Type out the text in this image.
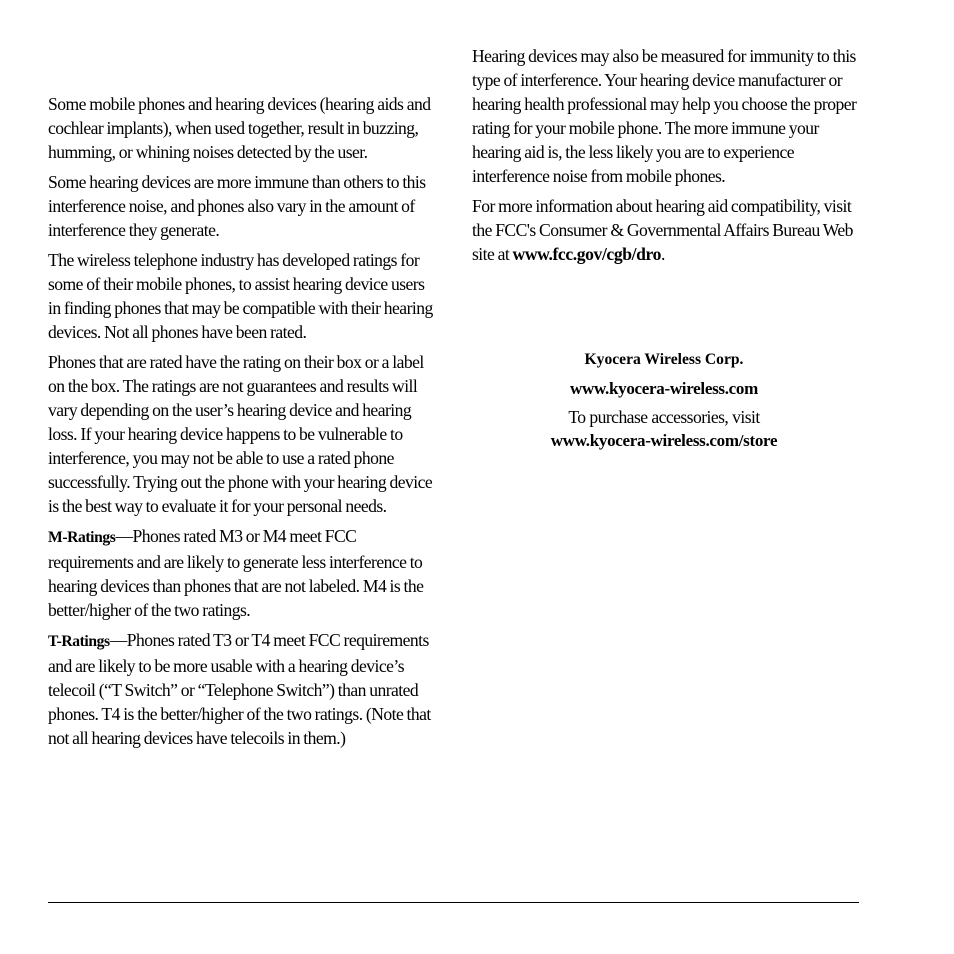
Some mobile phones and hearing devices (hearing aids and cochlear implants), when used together, result in buzzing, humming, or whining noises detected by the user.

Some hearing devices are more immune than others to this interference noise, and phones also vary in the amount of interference they generate.

The wireless telephone industry has developed ratings for some of their mobile phones, to assist hearing device users in finding phones that may be compatible with their hearing devices. Not all phones have been rated.

Phones that are rated have the rating on their box or a label on the box. The ratings are not guarantees and results will vary depending on the user’s hearing device and hearing loss. If your hearing device happens to be vulnerable to interference, you may not be able to use a rated phone successfully. Trying out the phone with your hearing device is the best way to evaluate it for your personal needs.

M-Ratings—Phones rated M3 or M4 meet FCC requirements and are likely to generate less interference to hearing devices than phones that are not labeled. M4 is the better/higher of the two ratings.

T-Ratings—Phones rated T3 or T4 meet FCC requirements and are likely to be more usable with a hearing device’s telecoil (“T Switch” or “Telephone Switch”) than unrated phones. T4 is the better/higher of the two ratings. (Note that not all hearing devices have telecoils in them.)

Hearing devices may also be measured for immunity to this type of interference. Your hearing device manufacturer or hearing health professional may help you choose the proper rating for your mobile phone. The more immune your hearing aid is, the less likely you are to experience interference noise from mobile phones.

For more information about hearing aid compatibility, visit the FCC's Consumer & Governmental Affairs Bureau Web site at www.fcc.gov/cgb/dro.

Kyocera Wireless Corp.
www.kyocera-wireless.com
To purchase accessories, visit
www.kyocera-wireless.com/store
